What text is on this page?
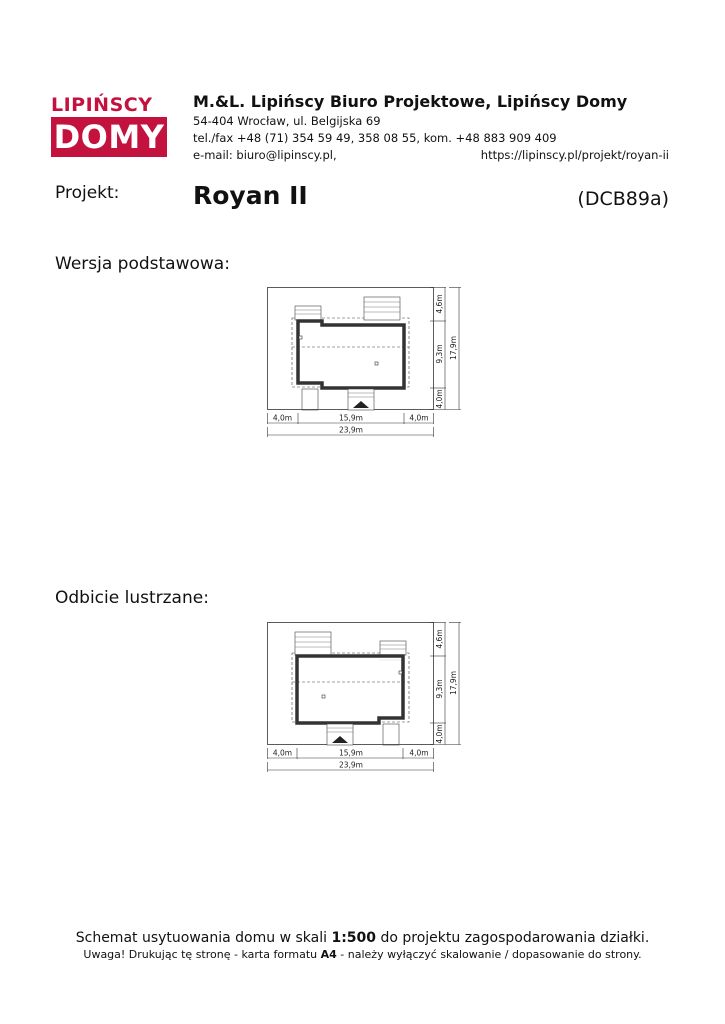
LIPIŃSCY
DOMY
M.&L. Lipińscy Biuro Projektowe, Lipińscy Domy
54-404 Wrocław, ul. Belgijska 69
tel./fax +48 (71) 354 59 49, 358 08 55, kom. +48 883 909 409
e-mail: biuro@lipinscy.pl,	https://lipinscy.pl/projekt/royan-ii
Projekt:	Royan II	(DCB89a)
Wersja podstawowa:
4,0m	15,9m	4,0m
23,9m
4,6m
9,3m
4,0m
17,9m
Odbicie lustrzane:
4,0m	15,9m	4,0m
23,9m
4,6m
9,3m
4,0m
17,9m
Schemat usytuowania domu w skali 1:500 do projektu zagospodarowania działki.
Uwaga! Drukując tę stronę - karta formatu A4 - należy wyłączyć skalowanie / dopasowanie do strony.
